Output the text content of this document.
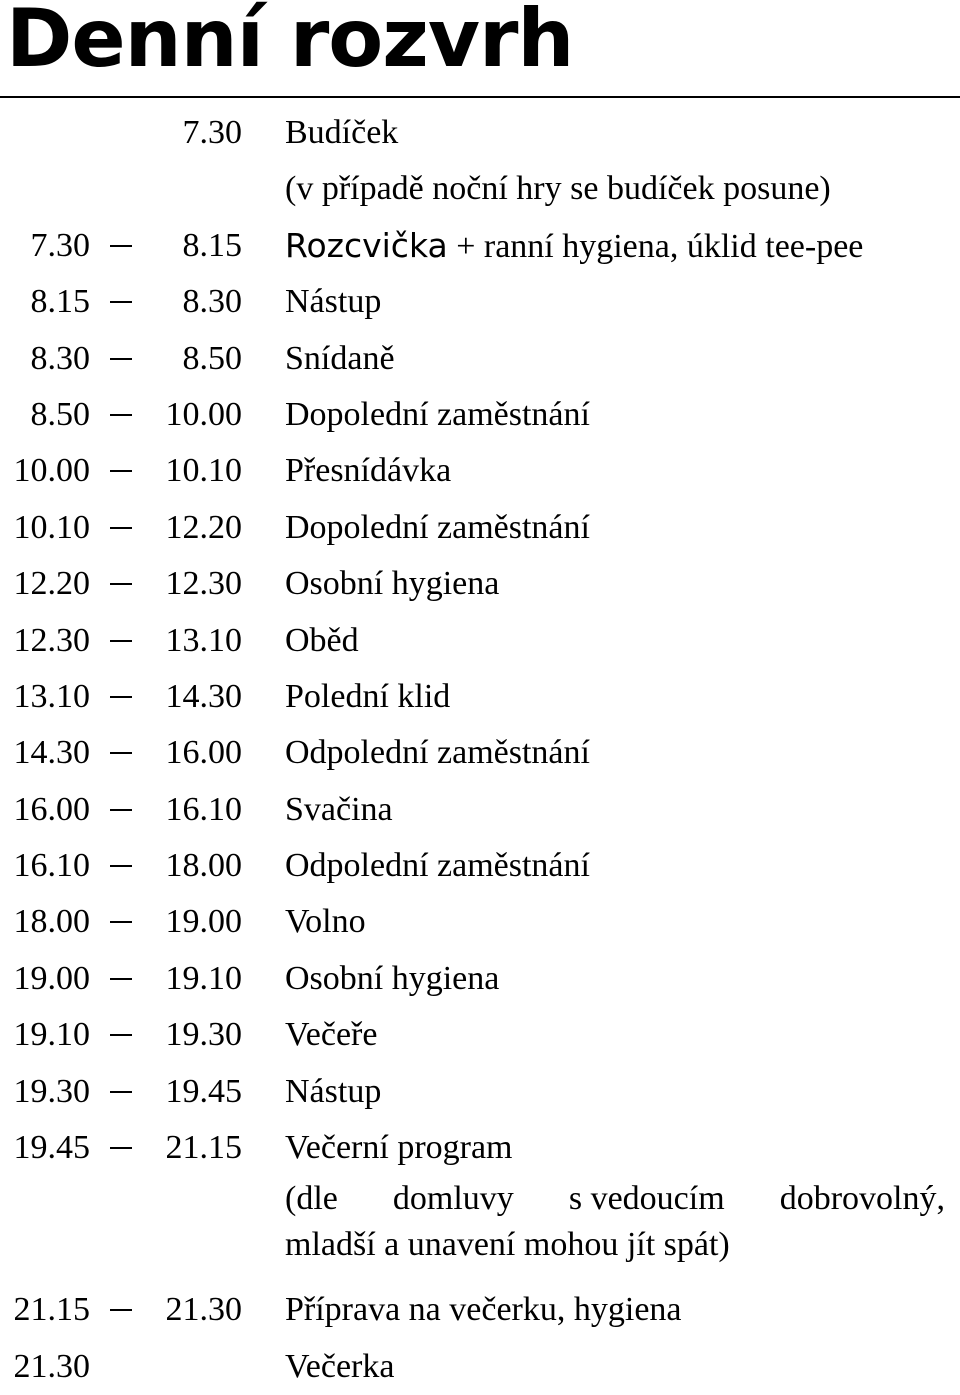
Denní rozvrh
7.30 Budíček
(v případě noční hry se budíček posune)
7.30	8.15 Rozcvička + ranní hygiena, úklid tee-pee
8.15	8.30 Nástup
8.30	8.50 Snídaně
8.50	10.00 Dopolední zaměstnání
10.00	10.10 Přesnídávka
10.10	12.20 Dopolední zaměstnání
12.20	12.30 Osobní hygiena
12.30	13.10 Oběd
13.10	14.30 Polední klid
14.30	16.00 Odpolední zaměstnání
16.00	16.10 Svačina
16.10	18.00 Odpolední zaměstnání
18.00	19.00 Volno
19.00	19.10 Osobní hygiena
19.10	19.30 Večeře
19.30	19.45 Nástup
19.45	21.15 Večerní program
(dle domluvy s vedoucím dobrovolný,
mladší a unavení mohou jít spát)
21.15	21.30 Příprava na večerku, hygiena
21.30	Večerka
